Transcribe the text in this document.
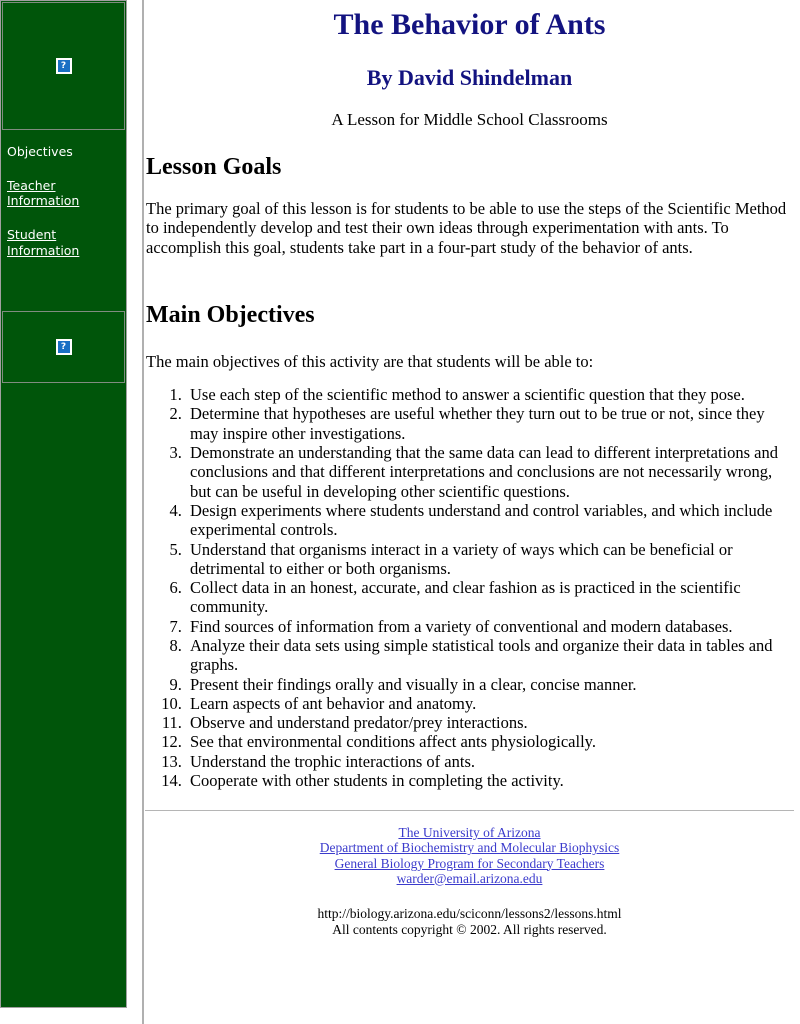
?
Objectives
Teacher Information
Student Information
?

The Behavior of Ants
By David Shindelman

A Lesson for Middle School Classrooms

Lesson Goals

The primary goal of this lesson is for students to be able to use the steps of the Scientific Method to independently develop and test their own ideas through experimentation with ants. To accomplish this goal, students take part in a four-part study of the behavior of ants.

Main Objectives

The main objectives of this activity are that students will be able to:

1. Use each step of the scientific method to answer a scientific question that they pose.
2. Determine that hypotheses are useful whether they turn out to be true or not, since they may inspire other investigations.
3. Demonstrate an understanding that the same data can lead to different interpretations and conclusions and that different interpretations and conclusions are not necessarily wrong, but can be useful in developing other scientific questions.
4. Design experiments where students understand and control variables, and which include experimental controls.
5. Understand that organisms interact in a variety of ways which can be beneficial or detrimental to either or both organisms.
6. Collect data in an honest, accurate, and clear fashion as is practiced in the scientific community.
7. Find sources of information from a variety of conventional and modern databases.
8. Analyze their data sets using simple statistical tools and organize their data in tables and graphs.
9. Present their findings orally and visually in a clear, concise manner.
10. Learn aspects of ant behavior and anatomy.
11. Observe and understand predator/prey interactions.
12. See that environmental conditions affect ants physiologically.
13. Understand the trophic interactions of ants.
14. Cooperate with other students in completing the activity.
The University of Arizona
Department of Biochemistry and Molecular Biophysics
General Biology Program for Secondary Teachers
warder@email.arizona.edu
http://biology.arizona.edu/sciconn/lessons2/lessons.html
All contents copyright © 2002. All rights reserved.
